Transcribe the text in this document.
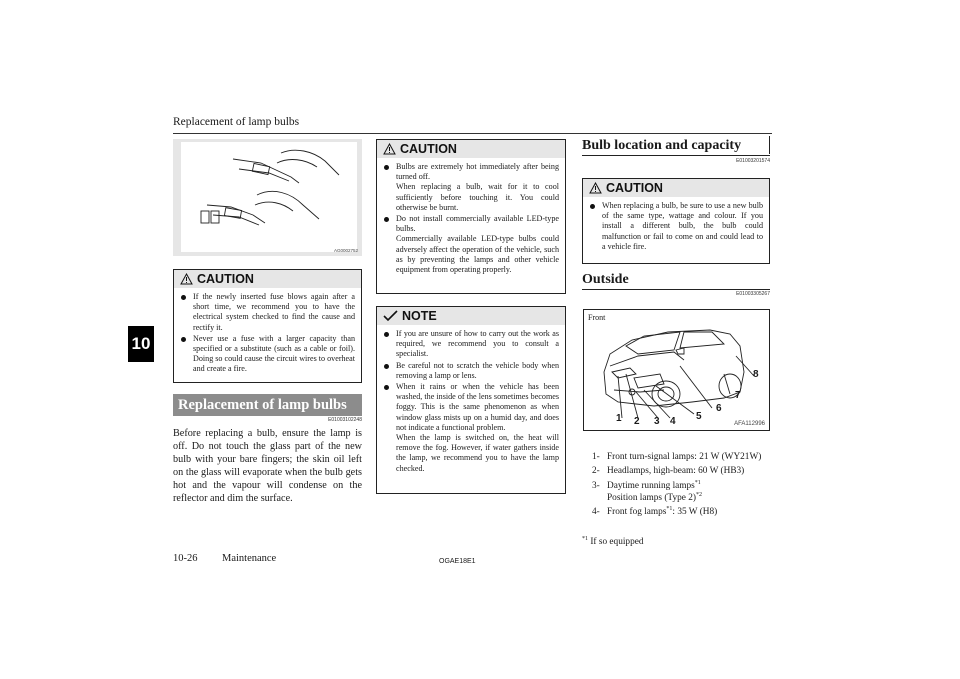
Replacement of lamp bulbs
10
AG0002752
CAUTION
If the newly inserted fuse blows again after a short time, we recommend you to have the electrical system checked to find the cause and rectify it.
Never use a fuse with a larger capacity than specified or a substitute (such as a cable or foil). Doing so could cause the circuit wires to overheat and create a fire.
Replacement of lamp bulbs
E01003102248
Before replacing a bulb, ensure the lamp is off. Do not touch the glass part of the new bulb with your bare fingers; the skin oil left on the glass will evaporate when the bulb gets hot and the vapour will condense on the reflector and dim the surface.
CAUTION
Bulbs are extremely hot immediately after being turned off.
When replacing a bulb, wait for it to cool sufficiently before touching it. You could otherwise be burnt.
Do not install commercially available LED-type bulbs.
Commercially available LED-type bulbs could adversely affect the operation of the vehicle, such as by preventing the lamps and other vehicle equipment from operating properly.
NOTE
If you are unsure of how to carry out the work as required, we recommend you to consult a specialist.
Be careful not to scratch the vehicle body when removing a lamp or lens.
When it rains or when the vehicle has been washed, the inside of the lens sometimes becomes foggy. This is the same phenomenon as when window glass mists up on a humid day, and does not indicate a functional problem.
When the lamp is switched on, the heat will remove the fog. However, if water gathers inside the lamp, we recommend you to have the lamp checked.
Bulb location and capacity
E01003201574
CAUTION
When replacing a bulb, be sure to use a new bulb of the same type, wattage and colour. If you install a different bulb, the bulb could malfunction or fail to come on and could lead to a vehicle fire.
Outside
E01003305267
Front
1 2 3 4 5
6
7
8
AFA112996
1- Front turn-signal lamps: 21 W (WY21W)
2- Headlamps, high-beam: 60 W (HB3)
3- Daytime running lamps$^{*1}$
Position lamps (Type 2)$^{*2}$
4- Front fog lamps$^{*1}$: 35 W (H8)
$^{*1}$ If so equipped
10-26 Maintenance	OGAE18E1
